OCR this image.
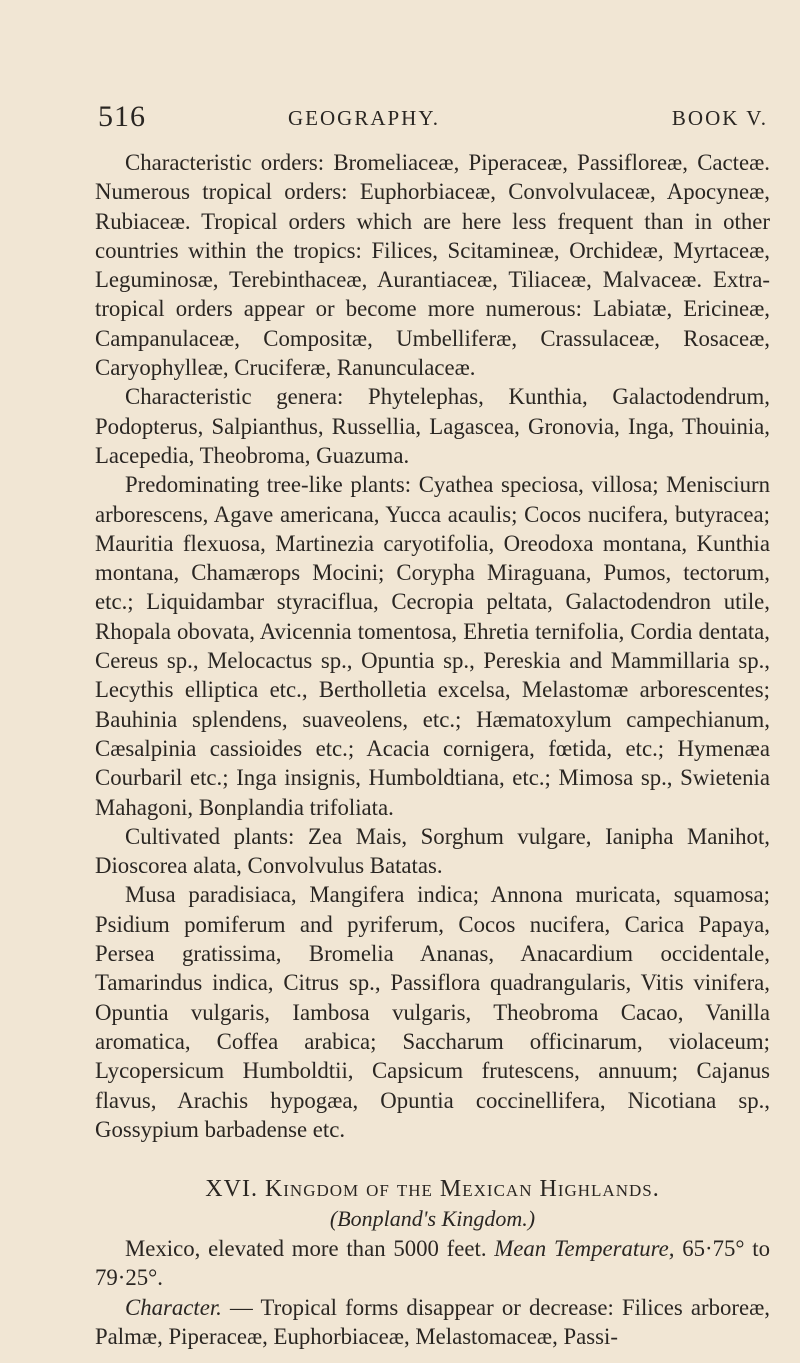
516	GEOGRAPHY.	BOOK V.

Characteristic orders: Bromeliaceæ, Piperaceæ, Passifloreæ, Cacteæ. Numerous tropical orders: Euphorbiaceæ, Convolvulaceæ, Apocyneæ, Rubiaceæ. Tropical orders which are here less frequent than in other countries within the tropics: Filices, Scitamineæ, Orchideæ, Myrtaceæ, Leguminosæ, Terebinthaceæ, Aurantiaceæ, Tiliaceæ, Malvaceæ. Extra-tropical orders appear or become more numerous: Labiatæ, Ericineæ, Campanulaceæ, Compositæ, Umbelliferæ, Crassulaceæ, Rosaceæ, Caryophylleæ, Cruciferæ, Ranunculaceæ.

Characteristic genera: Phytelephas, Kunthia, Galactodendrum, Podopterus, Salpianthus, Russellia, Lagascea, Gronovia, Inga, Thouinia, Lacepedia, Theobroma, Guazuma.

Predominating tree-like plants: Cyathea speciosa, villosa; Menisciurn arborescens, Agave americana, Yucca acaulis; Cocos nucifera, butyracea; Mauritia flexuosa, Martinezia caryotifolia, Oreodoxa montana, Kunthia montana, Chamærops Mocini; Corypha Miraguana, Pumos, tectorum, etc.; Liquidambar styraciflua, Cecropia peltata, Galactodendron utile, Rhopala obovata, Avicennia tomentosa, Ehretia ternifolia, Cordia dentata, Cereus sp., Melocactus sp., Opuntia sp., Pereskia and Mammillaria sp., Lecythis elliptica etc., Bertholletia excelsa, Melastomæ arborescentes; Bauhinia splendens, suaveolens, etc.; Hæmatoxylum campechianum, Cæsalpinia cassioides etc.; Acacia cornigera, fœtida, etc.; Hymenæa Courbaril etc.; Inga insignis, Humboldtiana, etc.; Mimosa sp., Swietenia Mahagoni, Bonplandia trifoliata.

Cultivated plants: Zea Mais, Sorghum vulgare, Ianipha Manihot, Dioscorea alata, Convolvulus Batatas.

Musa paradisiaca, Mangifera indica; Annona muricata, squamosa; Psidium pomiferum and pyriferum, Cocos nucifera, Carica Papaya, Persea gratissima, Bromelia Ananas, Anacardium occidentale, Tamarindus indica, Citrus sp., Passiflora quadrangularis, Vitis vinifera, Opuntia vulgaris, Iambosa vulgaris, Theobroma Cacao, Vanilla aromatica, Coffea arabica; Saccharum officinarum, violaceum; Lycopersicum Humboldtii, Capsicum frutescens, annuum; Cajanus flavus, Arachis hypogæa, Opuntia coccinellifera, Nicotiana sp., Gossypium barbadense etc.

XVI. Kingdom of the Mexican Highlands.
(Bonpland's Kingdom.)

Mexico, elevated more than 5000 feet. Mean Temperature, 65·75° to 79·25°.

Character. — Tropical forms disappear or decrease: Filices arboreæ, Palmæ, Piperaceæ, Euphorbiaceæ, Melastomaceæ, Passi-
